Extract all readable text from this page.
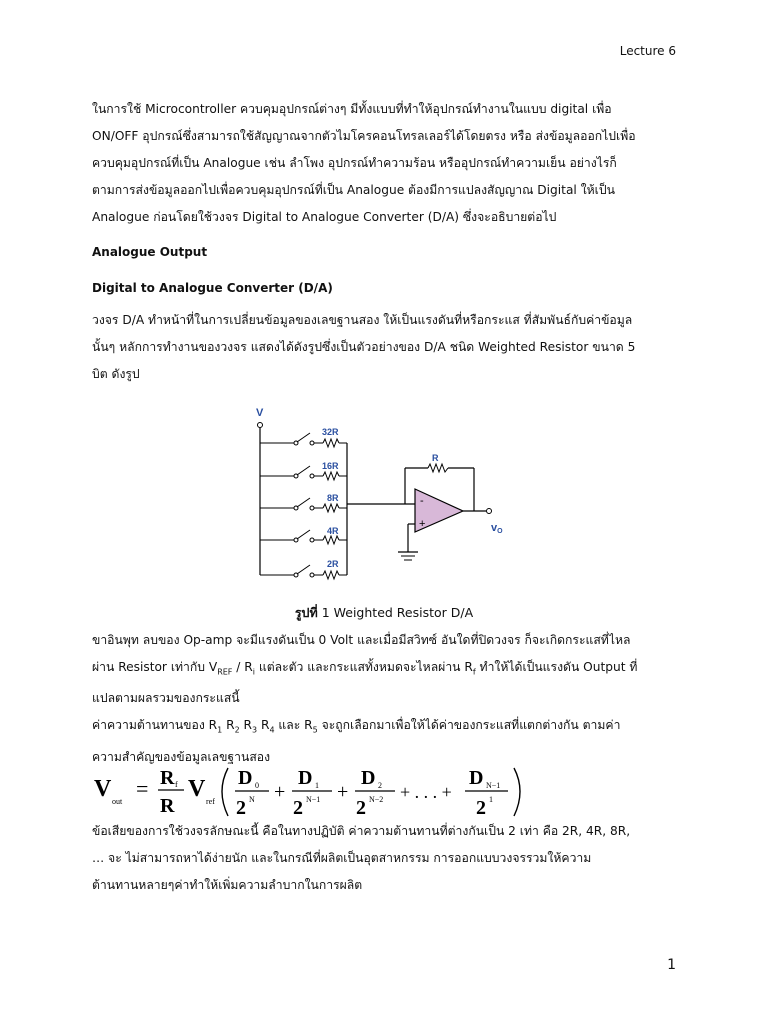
Lecture 6

ในการใช้ Microcontroller ควบคุมอุปกรณ์ต่างๆ มีทั้งแบบที่ทำให้อุปกรณ์ทำงานในแบบ digital เพื่อ

ON/OFF อุปกรณ์ซึ่งสามารถใช้สัญญาณจากตัวไมโครคอนโทรลเลอร์ได้โดยตรง หรือ ส่งข้อมูลออกไปเพื่อ

ควบคุมอุปกรณ์ที่เป็น Analogue เช่น ลำโพง อุปกรณ์ทำความร้อน หรืออุปกรณ์ทำความเย็น อย่างไรก็

ตามการส่งข้อมูลออกไปเพื่อควบคุมอุปกรณ์ที่เป็น Analogue ต้องมีการแปลงสัญญาณ Digital ให้เป็น

Analogue ก่อนโดยใช้วงจร Digital to Analogue Converter (D/A) ซึ่งจะอธิบายต่อไป

Analogue Output

Digital to Analogue Converter (D/A)

วงจร D/A ทำหน้าที่ในการเปลี่ยนข้อมูลของเลขฐานสอง ให้เป็นแรงดันที่หรือกระแส ที่สัมพันธ์กับค่าข้อมูล

นั้นๆ หลักการทำงานของวงจร แสดงได้ดังรูปซึ่งเป็นตัวอย่างของ D/A ชนิด Weighted Resistor ขนาด 5

บิต ดังรูป

V
32R
16R
8R
4R
2R
-
+
R
vO
รูปที่ 1 Weighted Resistor D/A

ขาอินพุท ลบของ Op-amp จะมีแรงดันเป็น 0 Volt และเมื่อมีสวิทซ์ อันใดที่ปิดวงจร ก็จะเกิดกระแสที่ไหล

ผ่าน Resistor เท่ากับ $V_{REF} / R_i$ แต่ละตัว และกระแสทั้งหมดจะไหลผ่าน $R_f$ ทำให้ได้เป็นแรงดัน Output ที่

แปลตามผลรวมของกระแสนี้

ค่าความต้านทานของ $R_1$ $R_2$ $R_3$ $R_4$ และ $R_5$ จะถูกเลือกมาเพื่อให้ได้ค่าของกระแสที่แตกต่างกัน ตามค่า

ความสำคัญของข้อมูลเลขฐานสอง

V out
= R f
R
V ref
D 0
2 N +
D 1
2 N−1 +
D 2
2 N−2 + . . . +
D N−1
2 1

ข้อเสียของการใช้วงจรลักษณะนี้ คือในทางปฏิบัติ ค่าความต้านทานที่ต่างกันเป็น 2 เท่า คือ 2R, 4R, 8R,

… จะ ไม่สามารถหาได้ง่ายนัก และในกรณีที่ผลิตเป็นอุตสาหกรรม การออกแบบวงจรรวมให้ความ

ต้านทานหลายๆค่าทำให้เพิ่มความลำบากในการผลิต

1
